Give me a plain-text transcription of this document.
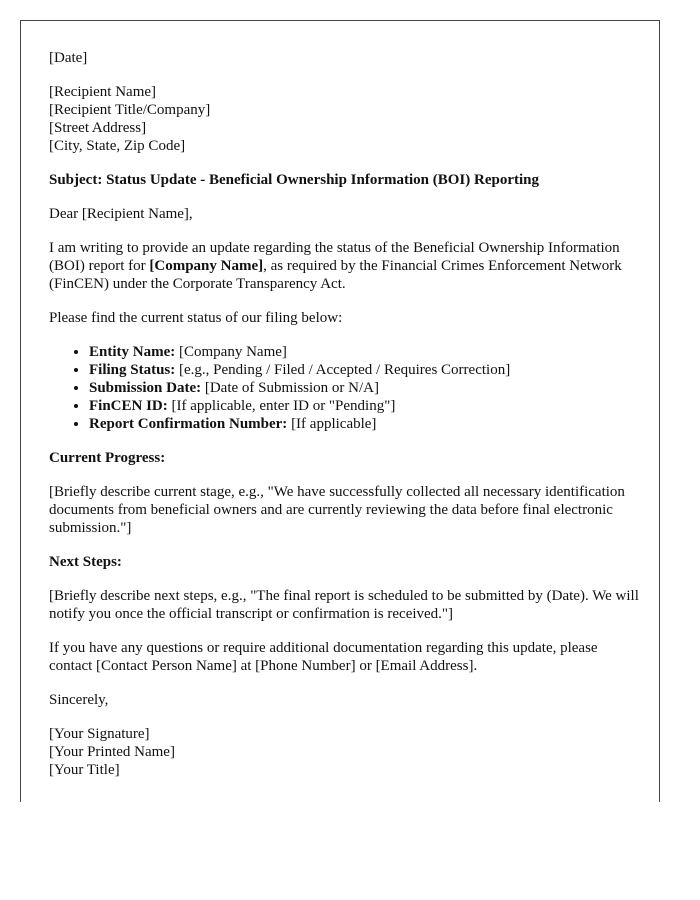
[Date]

[Recipient Name]
[Recipient Title/Company]
[Street Address]
[City, State, Zip Code]

Subject: Status Update - Beneficial Ownership Information (BOI) Reporting

Dear [Recipient Name],

I am writing to provide an update regarding the status of the Beneficial Ownership Information (BOI) report for [Company Name], as required by the Financial Crimes Enforcement Network (FinCEN) under the Corporate Transparency Act.

Please find the current status of our filing below:

• Entity Name: [Company Name]
• Filing Status: [e.g., Pending / Filed / Accepted / Requires Correction]
• Submission Date: [Date of Submission or N/A]
• FinCEN ID: [If applicable, enter ID or "Pending"]
• Report Confirmation Number: [If applicable]

Current Progress:

[Briefly describe current stage, e.g., "We have successfully collected all necessary identification documents from beneficial owners and are currently reviewing the data before final electronic submission."]

Next Steps:

[Briefly describe next steps, e.g., "The final report is scheduled to be submitted by (Date). We will notify you once the official transcript or confirmation is received."]

If you have any questions or require additional documentation regarding this update, please contact [Contact Person Name] at [Phone Number] or [Email Address].

Sincerely,

[Your Signature]
[Your Printed Name]
[Your Title]
